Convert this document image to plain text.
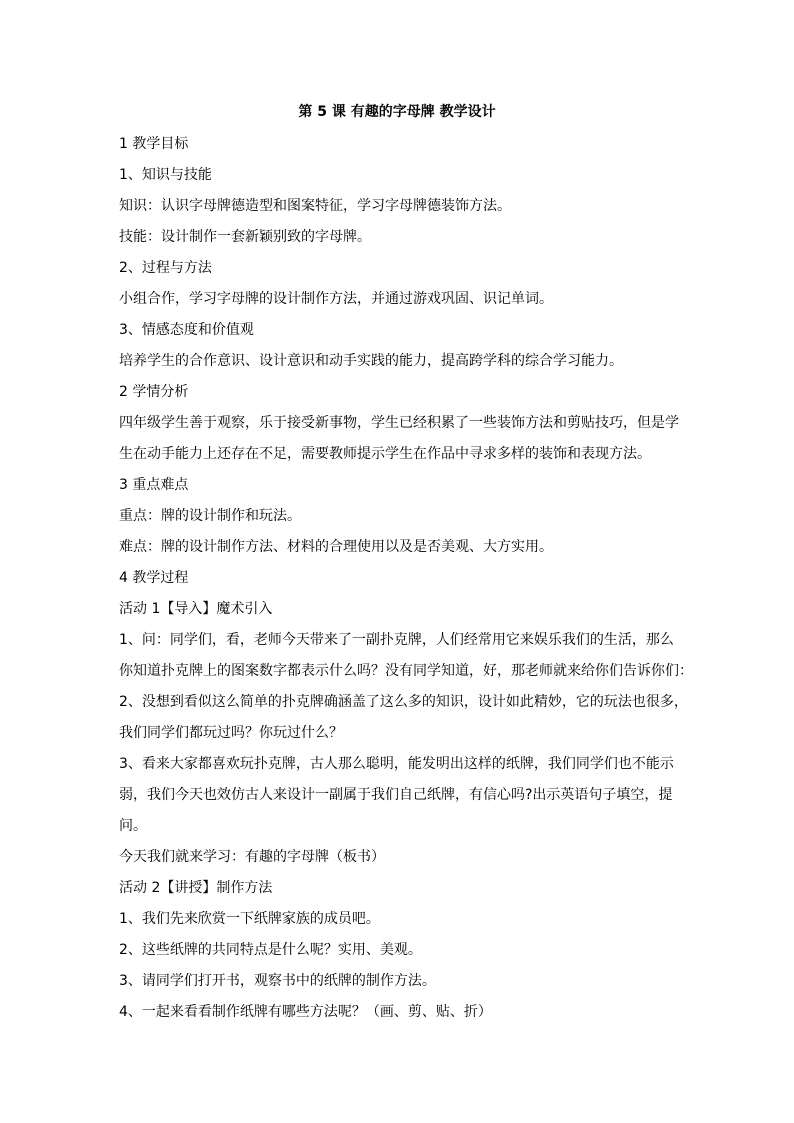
第 5 课 有趣的字母牌 教学设计
1 教学目标
1、知识与技能
知识：认识字母牌德造型和图案特征，学习字母牌德装饰方法。
技能：设计制作一套新颖别致的字母牌。
2、过程与方法
小组合作，学习字母牌的设计制作方法，并通过游戏巩固、识记单词。
3、情感态度和价值观
培养学生的合作意识、设计意识和动手实践的能力，提高跨学科的综合学习能力。
2 学情分析
四年级学生善于观察，乐于接受新事物，学生已经积累了一些装饰方法和剪贴技巧，但是学
生在动手能力上还存在不足，需要教师提示学生在作品中寻求多样的装饰和表现方法。
3 重点难点
重点：牌的设计制作和玩法。
难点：牌的设计制作方法、材料的合理使用以及是否美观、大方实用。
4 教学过程
活动 1【导入】魔术引入
1、问：同学们，看，老师今天带来了一副扑克牌，人们经常用它来娱乐我们的生活，那么
你知道扑克牌上的图案数字都表示什么吗？没有同学知道，好，那老师就来给你们告诉你们：
2、没想到看似这么简单的扑克牌确涵盖了这么多的知识，设计如此精妙，它的玩法也很多，
我们同学们都玩过吗？你玩过什么？
3、看来大家都喜欢玩扑克牌，古人那么聪明，能发明出这样的纸牌，我们同学们也不能示
弱，我们今天也效仿古人来设计一副属于我们自己纸牌，有信心吗?出示英语句子填空，提
问。
今天我们就来学习：有趣的字母牌（板书）
活动 2【讲授】制作方法
1、我们先来欣赏一下纸牌家族的成员吧。
2、这些纸牌的共同特点是什么呢？实用、美观。
3、请同学们打开书，观察书中的纸牌的制作方法。
4、一起来看看制作纸牌有哪些方法呢？（画、剪、贴、折）
